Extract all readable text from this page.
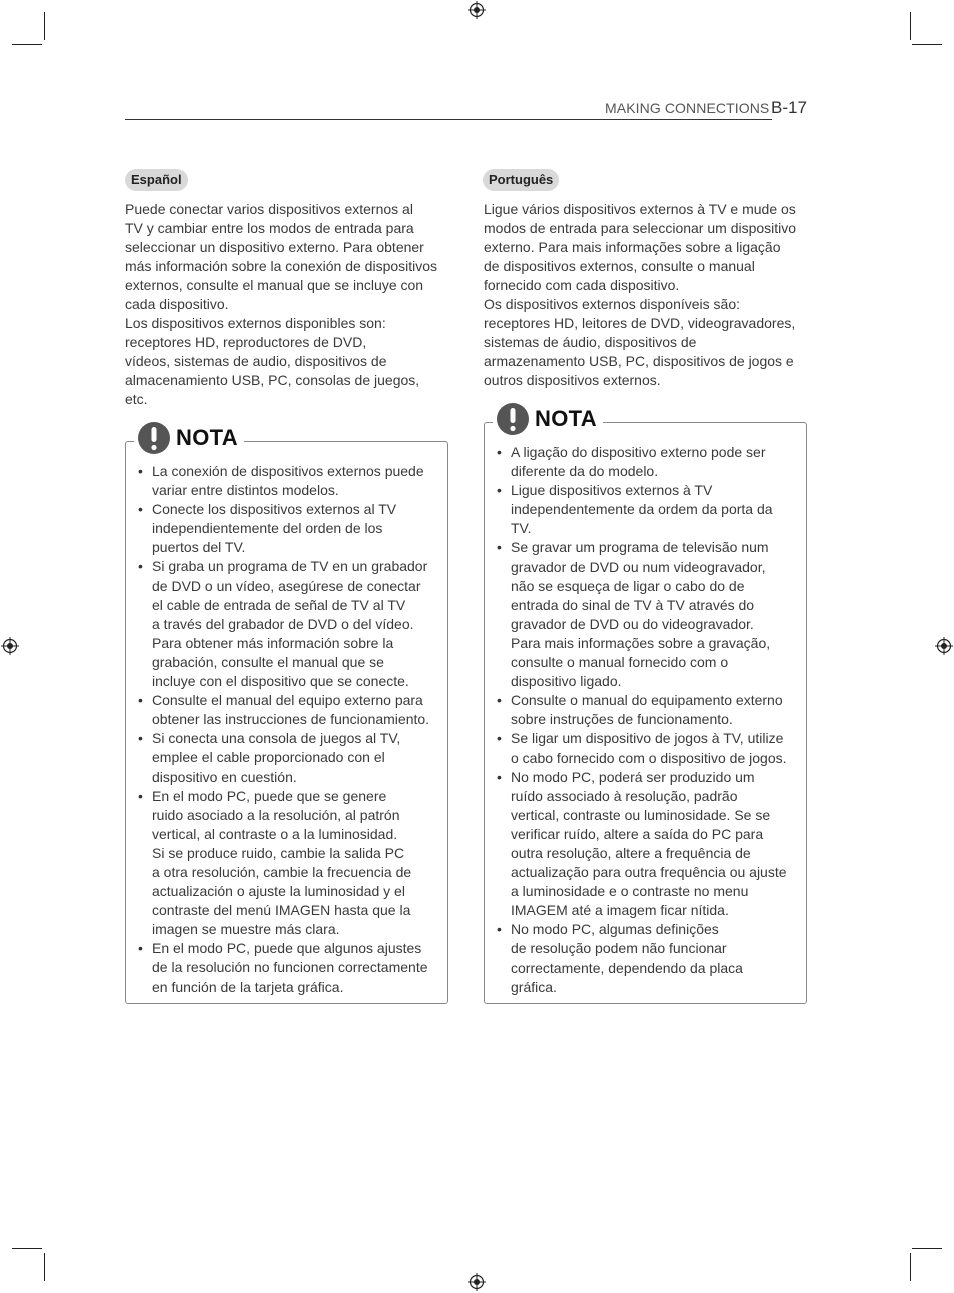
MAKING CONNECTIONS B-17
Español

Puede conectar varios dispositivos externos al

TV y cambiar entre los modos de entrada para

seleccionar un dispositivo externo. Para obtener

más información sobre la conexión de dispositivos

externos, consulte el manual que se incluye con

cada dispositivo.

Los dispositivos externos disponibles son:

receptores HD, reproductores de DVD,

vídeos, sistemas de audio, dispositivos de

almacenamiento USB, PC, consolas de juegos,

etc.

NOTA
• La conexión de dispositivos externos puede
variar entre distintos modelos.
• Conecte los dispositivos externos al TV
independientemente del orden de los
puertos del TV.
• Si graba un programa de TV en un grabador
de DVD o un vídeo, asegúrese de conectar
el cable de entrada de señal de TV al TV
a través del grabador de DVD o del vídeo.
Para obtener más información sobre la
grabación, consulte el manual que se
incluye con el dispositivo que se conecte.
• Consulte el manual del equipo externo para
obtener las instrucciones de funcionamiento.
• Si conecta una consola de juegos al TV,
emplee el cable proporcionado con el
dispositivo en cuestión.
• En el modo PC, puede que se genere
ruido asociado a la resolución, al patrón
vertical, al contraste o a la luminosidad.
Si se produce ruido, cambie la salida PC
a otra resolución, cambie la frecuencia de
actualización o ajuste la luminosidad y el
contraste del menú IMAGEN hasta que la
imagen se muestre más clara.
• En el modo PC, puede que algunos ajustes
de la resolución no funcionen correctamente
en función de la tarjeta gráfica.
Português

Ligue vários dispositivos externos à TV e mude os

modos de entrada para seleccionar um dispositivo

externo. Para mais informações sobre a ligação

de dispositivos externos, consulte o manual

fornecido com cada dispositivo.

Os dispositivos externos disponíveis são:

receptores HD, leitores de DVD, videogravadores,

sistemas de áudio, dispositivos de

armazenamento USB, PC, dispositivos de jogos e

outros dispositivos externos.

NOTA
• A ligação do dispositivo externo pode ser
diferente da do modelo.
• Ligue dispositivos externos à TV
independentemente da ordem da porta da
TV.
• Se gravar um programa de televisão num
gravador de DVD ou num videogravador,
não se esqueça de ligar o cabo do de
entrada do sinal de TV à TV através do
gravador de DVD ou do videogravador.
Para mais informações sobre a gravação,
consulte o manual fornecido com o
dispositivo ligado.
• Consulte o manual do equipamento externo
sobre instruções de funcionamento.
• Se ligar um dispositivo de jogos à TV, utilize
o cabo fornecido com o dispositivo de jogos.
• No modo PC, poderá ser produzido um
ruído associado à resolução, padrão
vertical, contraste ou luminosidade. Se se
verificar ruído, altere a saída do PC para
outra resolução, altere a frequência de
actualização para outra frequência ou ajuste
a luminosidade e o contraste no menu
IMAGEM até a imagem ficar nítida.
• No modo PC, algumas definições
de resolução podem não funcionar
correctamente, dependendo da placa
gráfica.
